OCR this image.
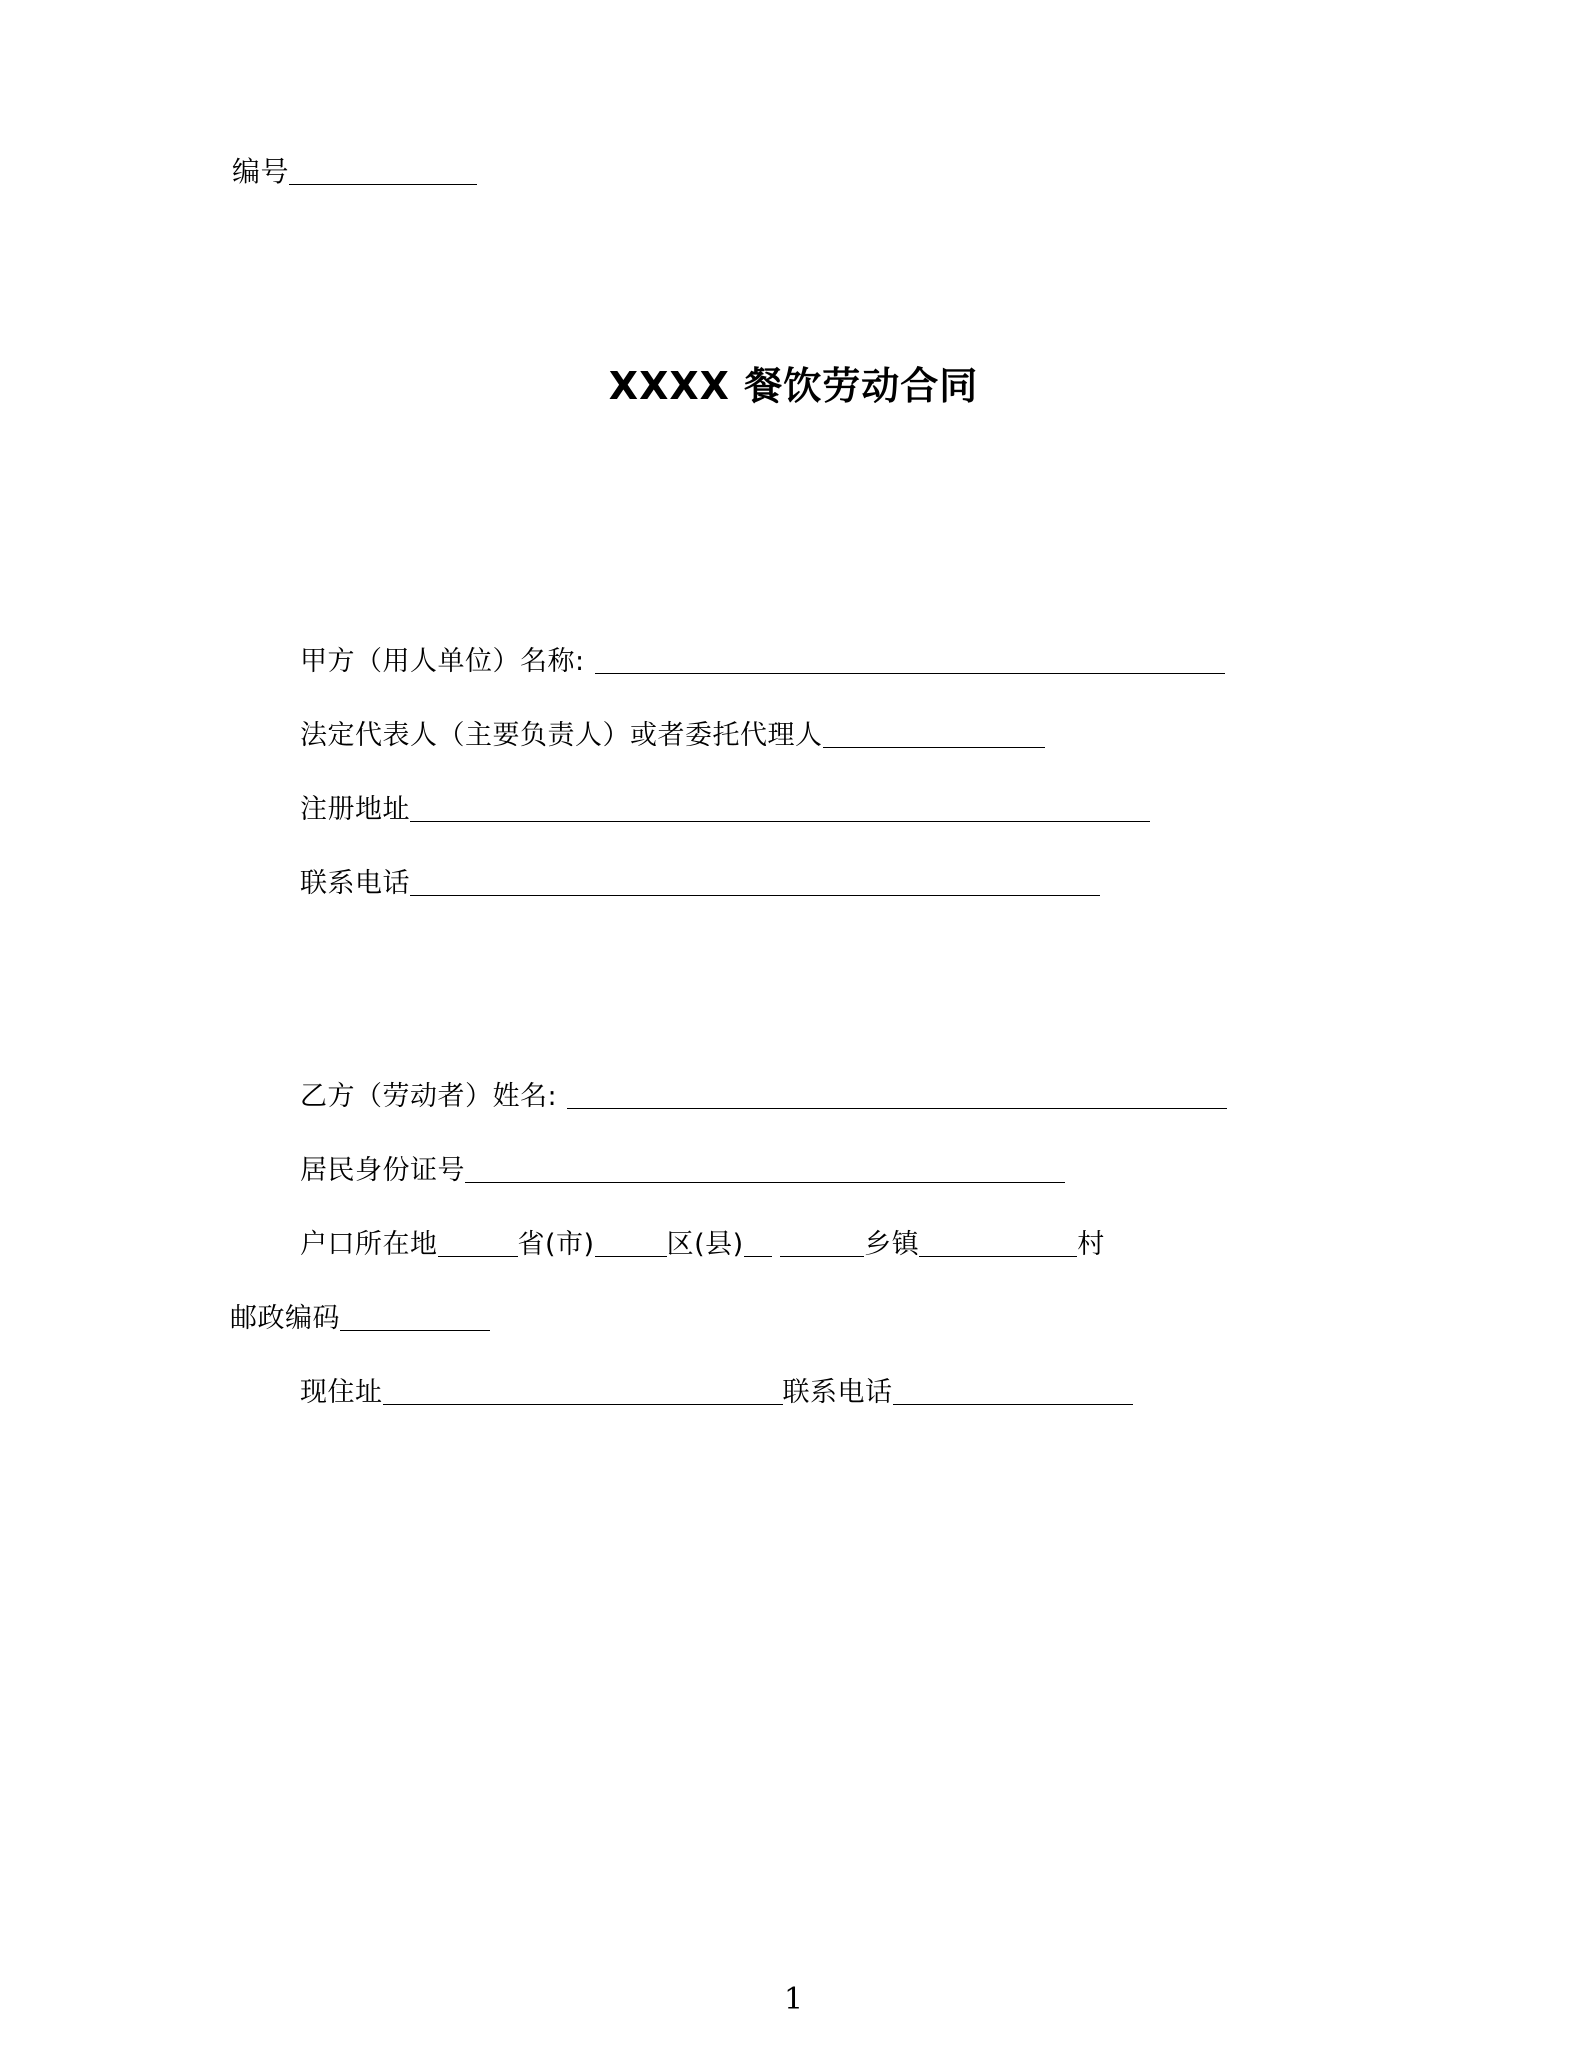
编号
XXXX 餐饮劳动合同
甲方（用人单位）名称:
法定代表人（主要负责人）或者委托代理人
注册地址
联系电话
乙方（劳动者）姓名:
居民身份证号
户口所在地	省(市)	区(县)	乡镇	村
邮政编码
现住址	联系电话
1
